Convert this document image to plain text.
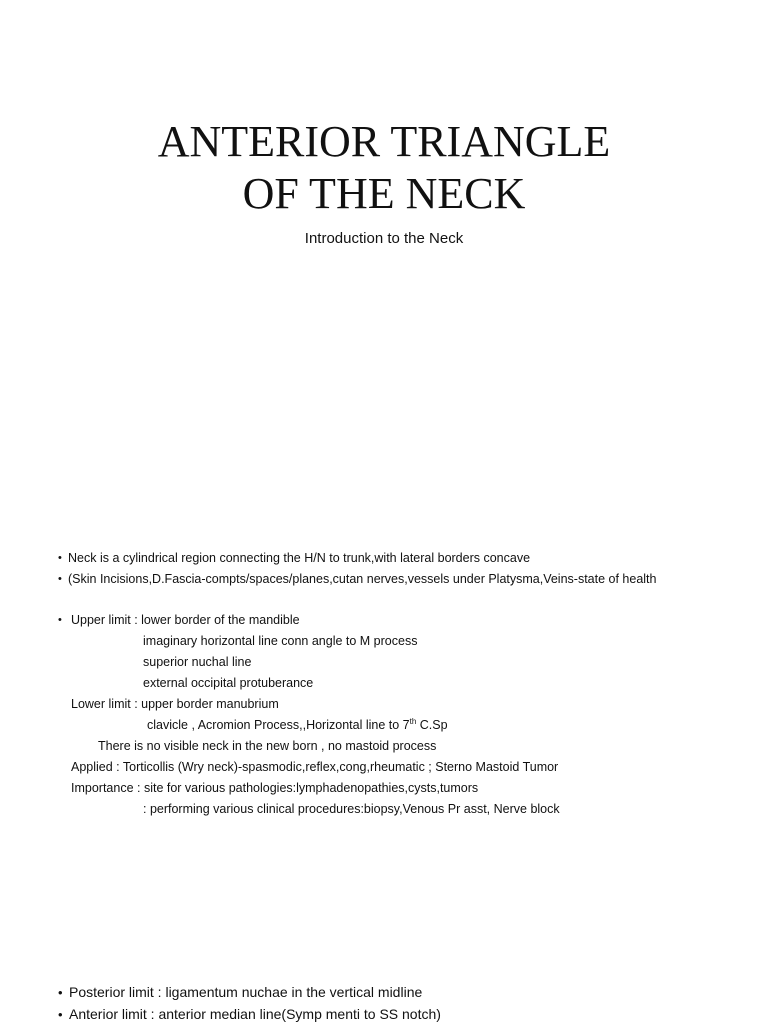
ANTERIOR TRIANGLE
OF THE NECK

Introduction to the Neck

• Neck is a cylindrical region connecting the H/N to trunk,with lateral borders concave
• (Skin Incisions,D.Fascia-compts/spaces/planes,cutan nerves,vessels under Platysma,Veins-state of health
• Upper limit : lower border of the mandible
imaginary horizontal line conn angle to M process
superior nuchal line
external occipital protuberance
Lower limit : upper border manubrium
clavicle , Acromion Process,,Horizontal line to 7th C.Sp
There is no visible neck in the new born , no mastoid process
Applied : Torticollis (Wry neck)-spasmodic,reflex,cong,rheumatic ; Sterno Mastoid Tumor
Importance : site for various pathologies:lymphadenopathies,cysts,tumors
: performing various clinical procedures:biopsy,Venous Pr asst, Nerve block
• Posterior limit : ligamentum nuchae in the vertical midline
• Anterior limit : anterior median line(Symp menti to SS notch)
